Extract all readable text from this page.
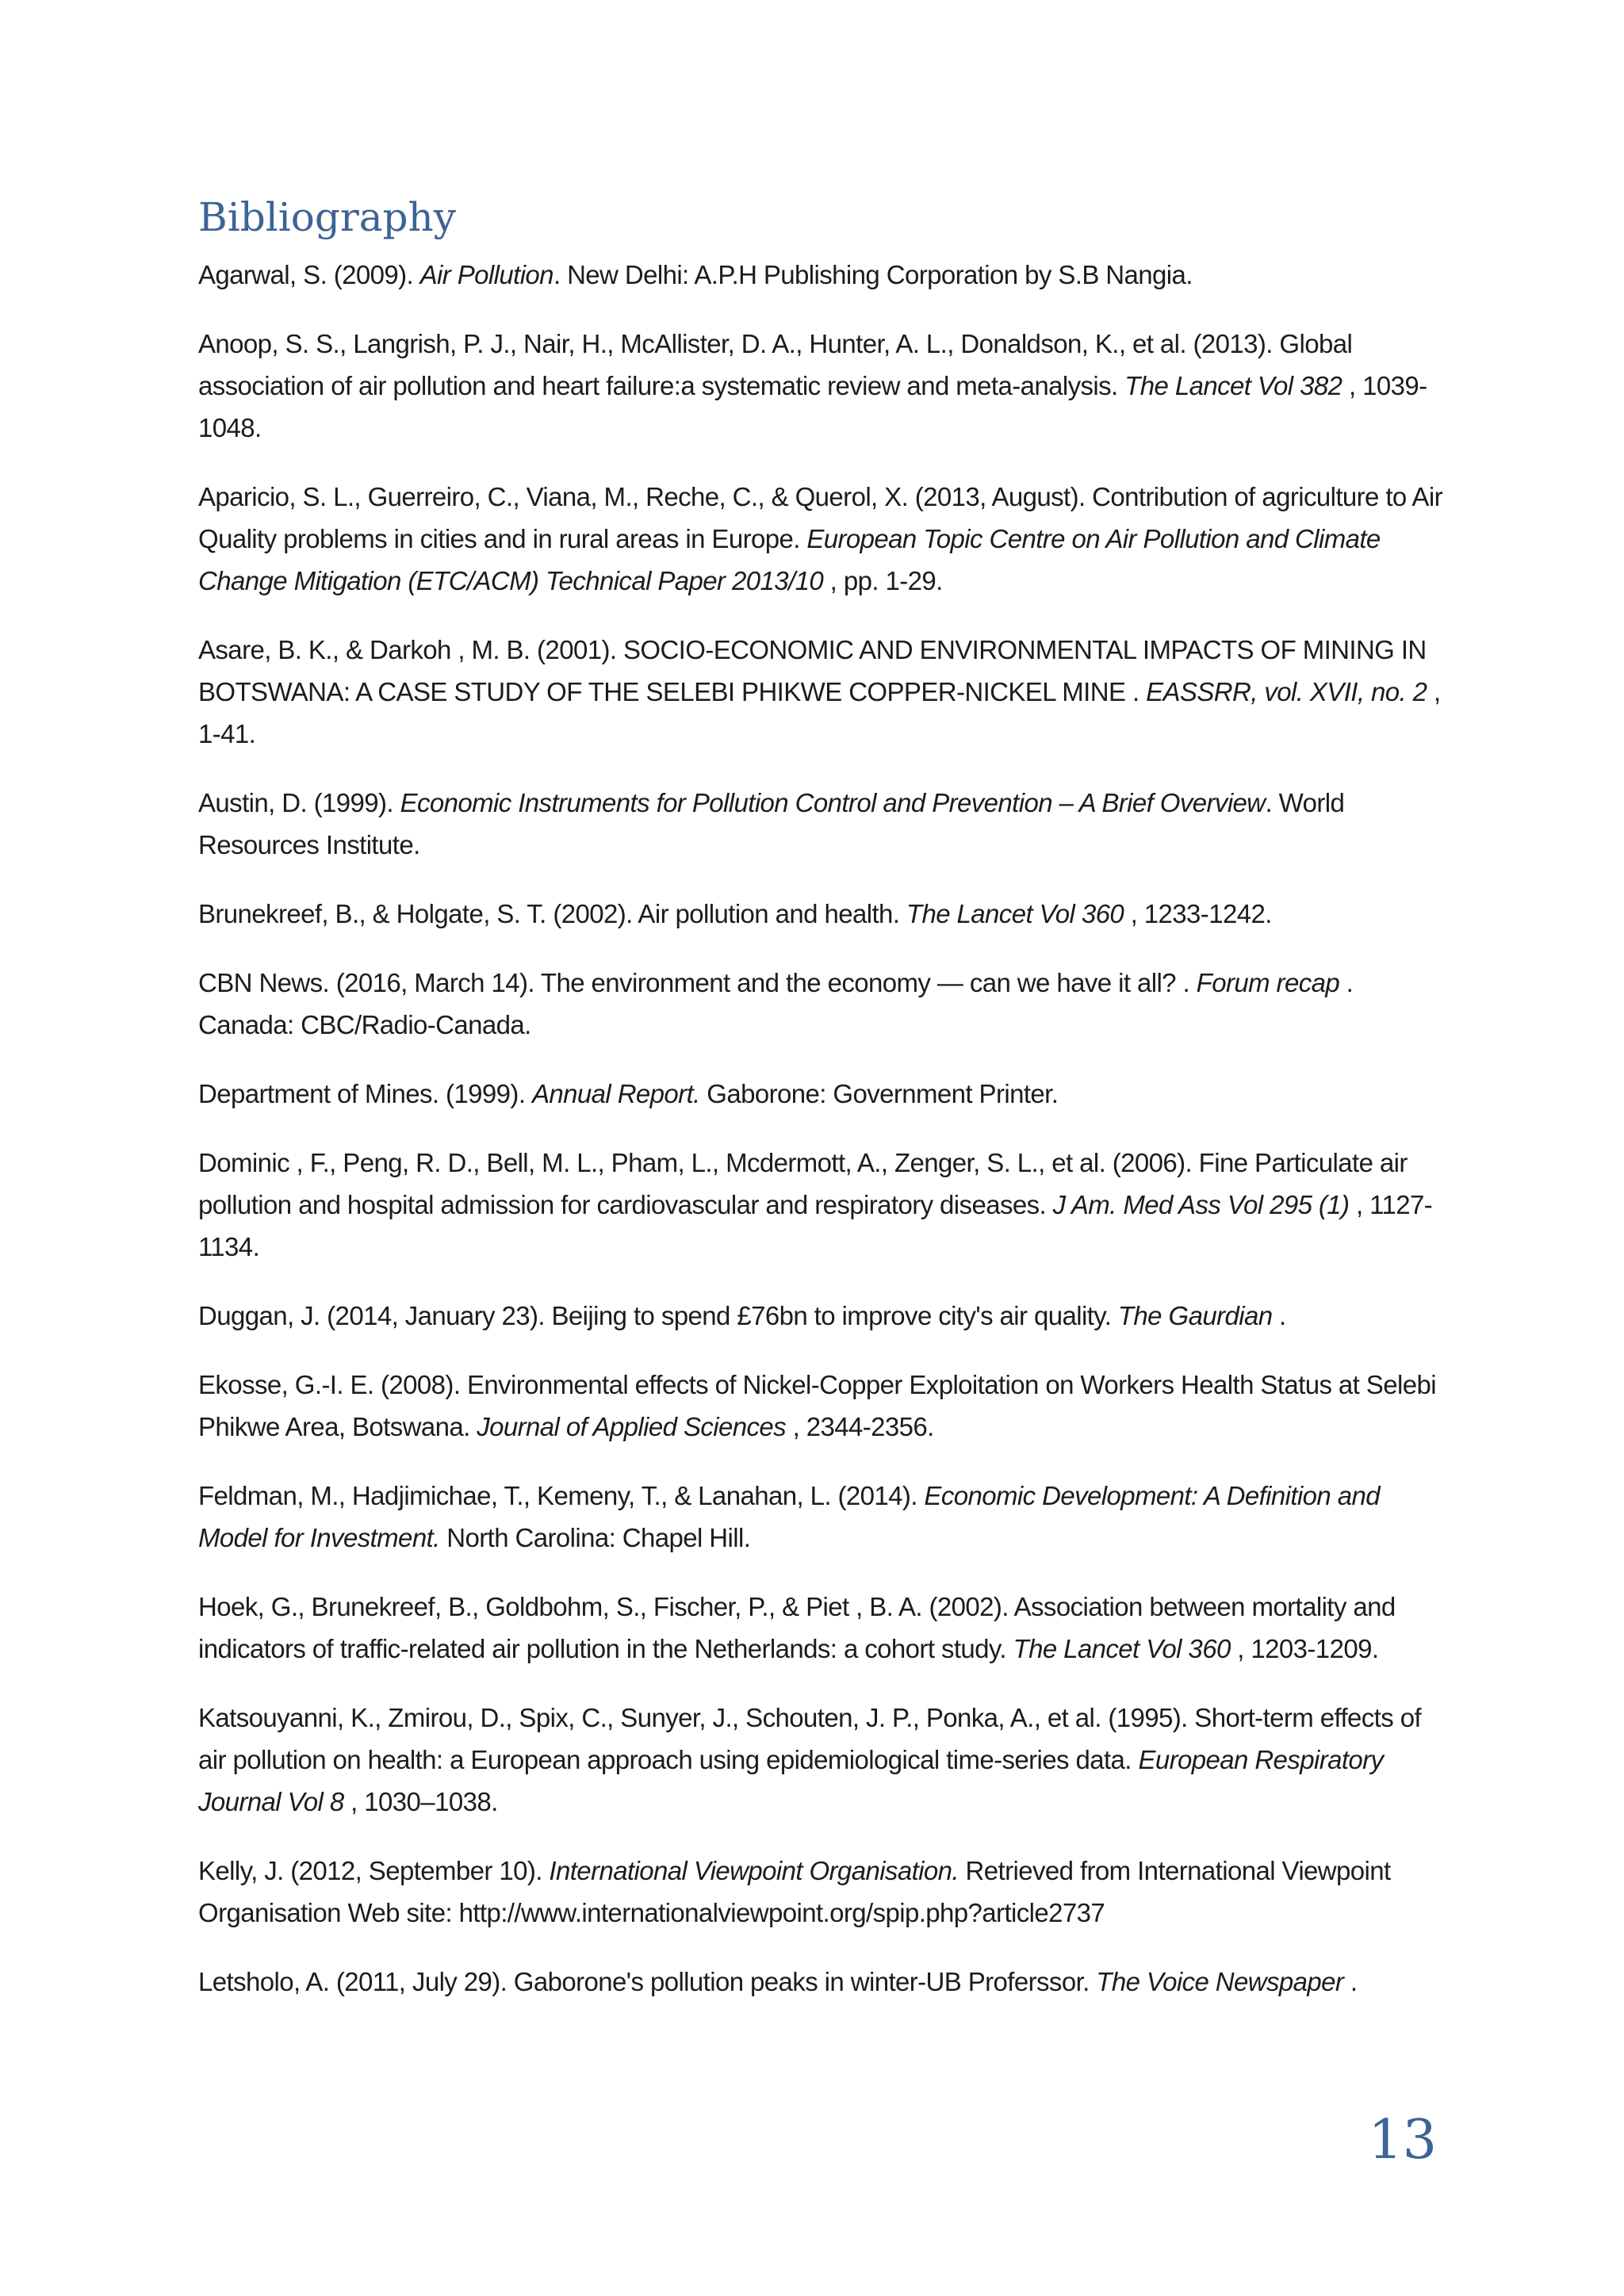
Bibliography

Agarwal, S. (2009). Air Pollution. New Delhi: A.P.H Publishing Corporation by S.B Nangia.

Anoop, S. S., Langrish, P. J., Nair, H., McAllister, D. A., Hunter, A. L., Donaldson, K., et al. (2013). Global association of air pollution and heart failure:a systematic review and meta-analysis. The Lancet Vol 382 , 1039-1048.

Aparicio, S. L., Guerreiro, C., Viana, M., Reche, C., & Querol, X. (2013, August). Contribution of agriculture to Air Quality problems in cities and in rural areas in Europe. European Topic Centre on Air Pollution and Climate Change Mitigation (ETC/ACM) Technical Paper 2013/10 , pp. 1-29.

Asare, B. K., & Darkoh , M. B. (2001). SOCIO-ECONOMIC AND ENVIRONMENTAL IMPACTS OF MINING IN BOTSWANA: A CASE STUDY OF THE SELEBI PHIKWE COPPER-NICKEL MINE . EASSRR, vol. XVII, no. 2 , 1-41.

Austin, D. (1999). Economic Instruments for Pollution Control and Prevention – A Brief Overview. World Resources Institute.

Brunekreef, B., & Holgate, S. T. (2002). Air pollution and health. The Lancet Vol 360 , 1233-1242.

CBN News. (2016, March 14). The environment and the economy — can we have it all? . Forum recap . Canada: CBC/Radio-Canada.

Department of Mines. (1999). Annual Report. Gaborone: Government Printer.

Dominic , F., Peng, R. D., Bell, M. L., Pham, L., Mcdermott, A., Zenger, S. L., et al. (2006). Fine Particulate air pollution and hospital admission for cardiovascular and respiratory diseases. J Am. Med Ass Vol 295 (1) , 1127-1134.

Duggan, J. (2014, January 23). Beijing to spend £76bn to improve city's air quality. The Gaurdian .

Ekosse, G.-I. E. (2008). Environmental effects of Nickel-Copper Exploitation on Workers Health Status at Selebi Phikwe Area, Botswana. Journal of Applied Sciences , 2344-2356.

Feldman, M., Hadjimichae, T., Kemeny, T., & Lanahan, L. (2014). Economic Development: A Definition and Model for Investment. North Carolina: Chapel Hill.

Hoek, G., Brunekreef, B., Goldbohm, S., Fischer, P., & Piet , B. A. (2002). Association between mortality and indicators of traffic-related air pollution in the Netherlands: a cohort study. The Lancet Vol 360 , 1203-1209.

Katsouyanni, K., Zmirou, D., Spix, C., Sunyer, J., Schouten, J. P., Ponka, A., et al. (1995). Short-term effects of air pollution on health: a European approach using epidemiological time-series data. European Respiratory Journal Vol 8 , 1030–1038.

Kelly, J. (2012, September 10). International Viewpoint Organisation. Retrieved from International Viewpoint Organisation Web site: http://www.internationalviewpoint.org/spip.php?article2737

Letsholo, A. (2011, July 29). Gaborone's pollution peaks in winter-UB Proferssor. The Voice Newspaper .

13
